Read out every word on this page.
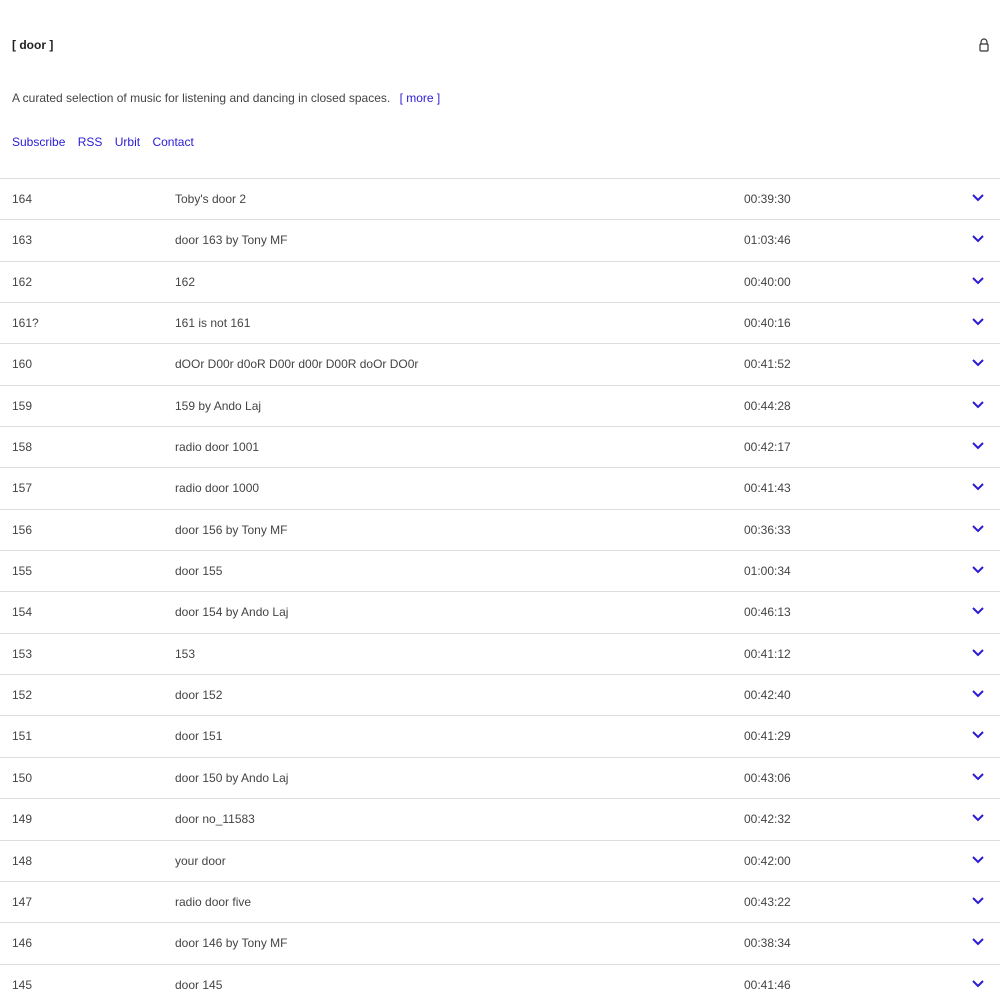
[ door ]
A curated selection of music for listening and dancing in closed spaces. [ more ]
Subscribe RSS Urbit Contact
164	Toby's door 2	00:39:30
163	door 163 by Tony MF	01:03:46
162	162	00:40:00
161?	161 is not 161	00:40:16
160	dOOr D00r d0oR D00r d00r D00R doOr DO0r	00:41:52
159	159 by Ando Laj	00:44:28
158	radio door 1001	00:42:17
157	radio door 1000	00:41:43
156	door 156 by Tony MF	00:36:33
155	door 155	01:00:34
154	door 154 by Ando Laj	00:46:13
153	153	00:41:12
152	door 152	00:42:40
151	door 151	00:41:29
150	door 150 by Ando Laj	00:43:06
149	door no_11583	00:42:32
148	your door	00:42:00
147	radio door five	00:43:22
146	door 146 by Tony MF	00:38:34
145	door 145	00:41:46
